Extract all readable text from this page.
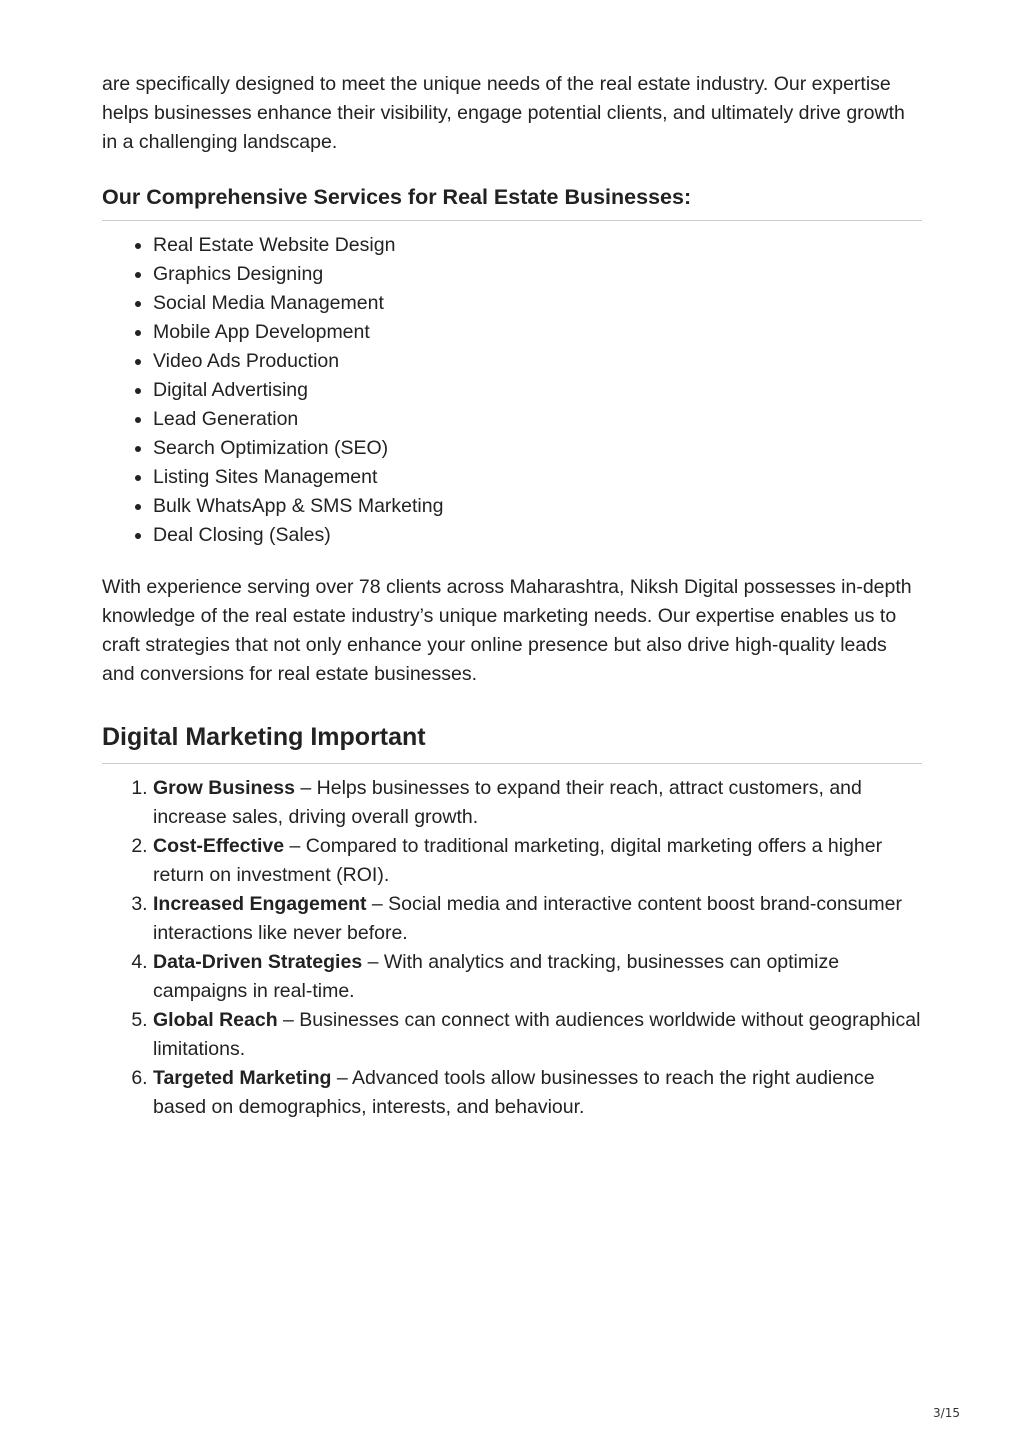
are specifically designed to meet the unique needs of the real estate industry. Our expertise helps businesses enhance their visibility, engage potential clients, and ultimately drive growth in a challenging landscape.

Our Comprehensive Services for Real Estate Businesses:
• Real Estate Website Design
• Graphics Designing
• Social Media Management
• Mobile App Development
• Video Ads Production
• Digital Advertising
• Lead Generation
• Search Optimization (SEO)
• Listing Sites Management
• Bulk WhatsApp & SMS Marketing
• Deal Closing (Sales)

With experience serving over 78 clients across Maharashtra, Niksh Digital possesses in-depth knowledge of the real estate industry’s unique marketing needs. Our expertise enables us to craft strategies that not only enhance your online presence but also drive high-quality leads and conversions for real estate businesses.

Digital Marketing Important
1. Grow Business – Helps businesses to expand their reach, attract customers, and increase sales, driving overall growth.
2. Cost-Effective – Compared to traditional marketing, digital marketing offers a higher return on investment (ROI).
3. Increased Engagement – Social media and interactive content boost brand-consumer interactions like never before.
4. Data-Driven Strategies – With analytics and tracking, businesses can optimize campaigns in real-time.
5. Global Reach – Businesses can connect with audiences worldwide without geographical limitations.
6. Targeted Marketing – Advanced tools allow businesses to reach the right audience based on demographics, interests, and behaviour.
3/15
